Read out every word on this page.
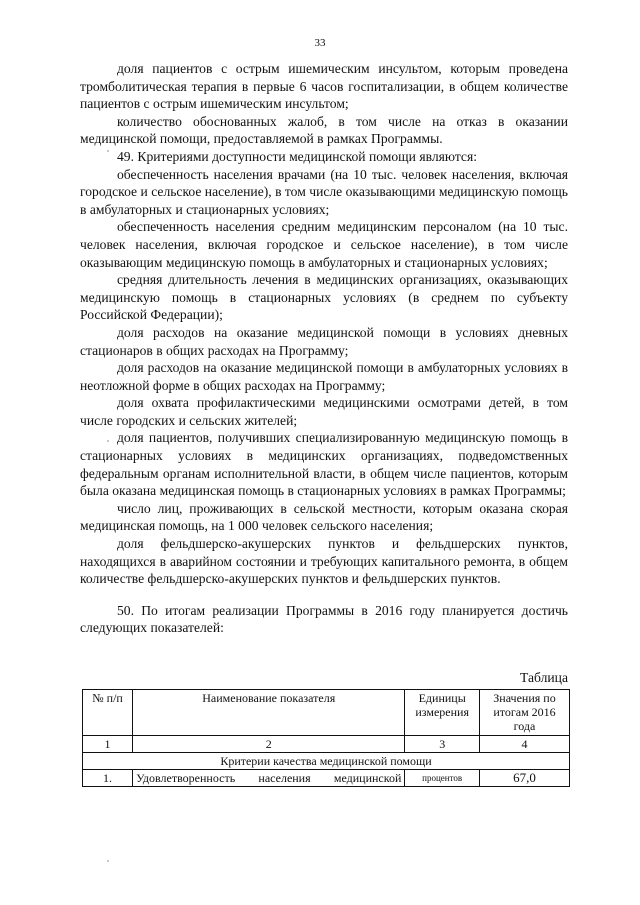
33

доля пациентов с острым ишемическим инсультом, которым проведена тромболитическая терапия в первые 6 часов госпитализации, в общем количестве пациентов с острым ишемическим инсультом;

количество обоснованных жалоб, в том числе на отказ в оказании медицинской помощи, предоставляемой в рамках Программы.

49. Критериями доступности медицинской помощи являются:

обеспеченность населения врачами (на 10 тыс. человек населения, включая городское и сельское население), в том числе оказывающими медицинскую помощь в амбулаторных и стационарных условиях;

обеспеченность населения средним медицинским персоналом (на 10 тыс. человек населения, включая городское и сельское население), в том числе оказывающим медицинскую помощь в амбулаторных и стационарных условиях;

средняя длительность лечения в медицинских организациях, оказывающих медицинскую помощь в стационарных условиях (в среднем по субъекту Российской Федерации);

доля расходов на оказание медицинской помощи в условиях дневных стационаров в общих расходах на Программу;

доля расходов на оказание медицинской помощи в амбулаторных условиях в неотложной форме в общих расходах на Программу;

доля охвата профилактическими медицинскими осмотрами детей, в том числе городских и сельских жителей;

доля пациентов, получивших специализированную медицинскую помощь в стационарных условиях в медицинских организациях, подведомственных федеральным органам исполнительной власти, в общем числе пациентов, которым была оказана медицинская помощь в стационарных условиях в рамках Программы;

число лиц, проживающих в сельской местности, которым оказана скорая медицинская помощь, на 1 000 человек сельского населения;

доля фельдшерско-акушерских пунктов и фельдшерских пунктов, находящихся в аварийном состоянии и требующих капитального ремонта, в общем количестве фельдшерско-акушерских пунктов и фельдшерских пунктов.

50. По итогам реализации Программы в 2016 году планируется достичь следующих показателей:

Таблица
№ п/п	Наименование показателя	Единицы измерения	Значения по итогам 2016 года
1	2	3	4
Критерии качества медицинской помощи			
1.	Удовлетворенность населения медицинской	процентов	67,0
